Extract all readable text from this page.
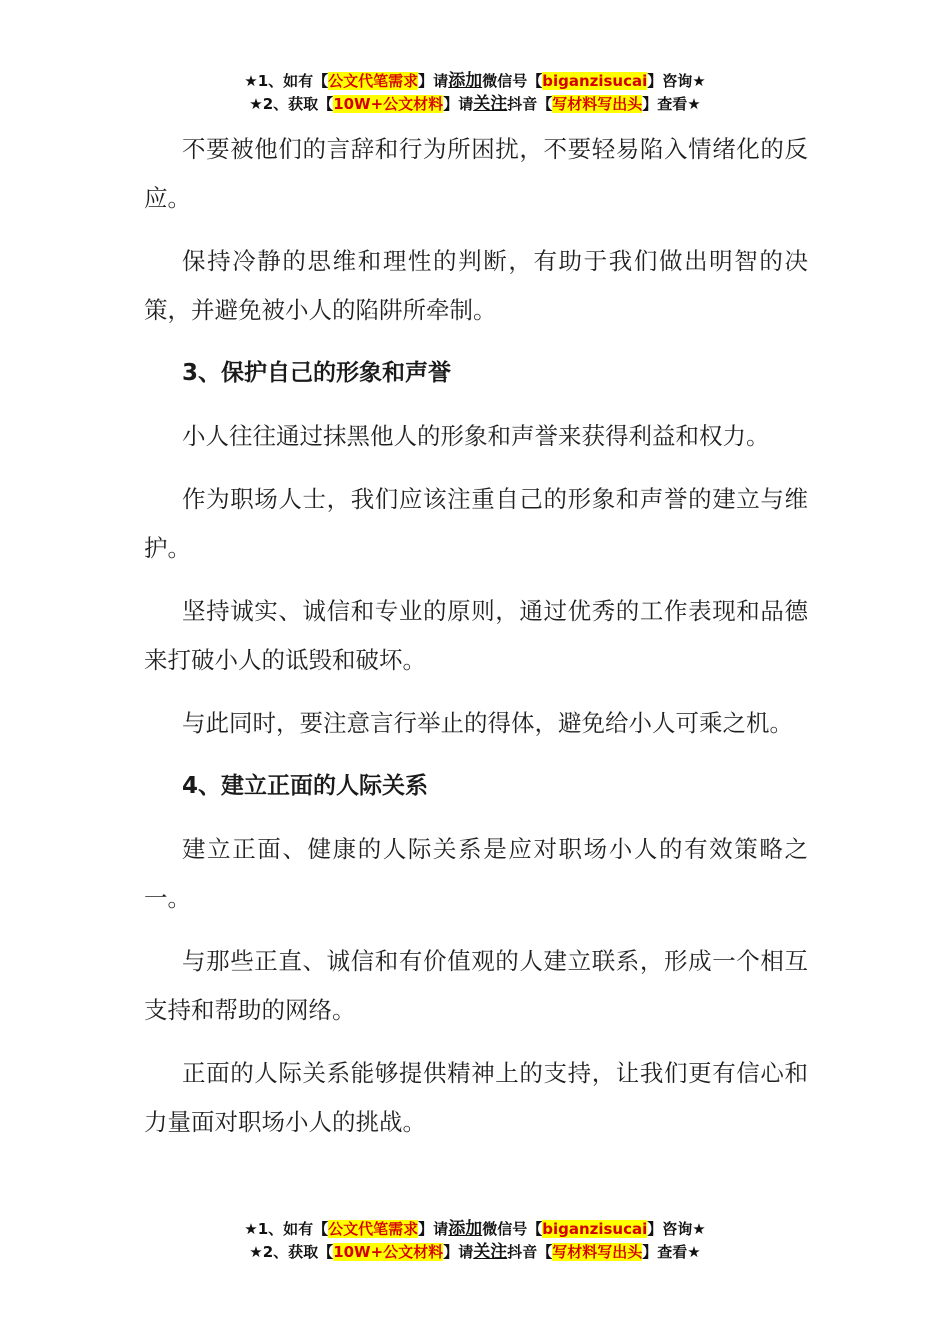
★1、如有【公文代笔需求】请添加微信号【biganzisucai】咨询★
★2、获取【10W+公文材料】请关注抖音【写材料写出头】查看★

不要被他们的言辞和行为所困扰，不要轻易陷入情绪化的反应。

保持冷静的思维和理性的判断，有助于我们做出明智的决策，并避免被小人的陷阱所牵制。

3、保护自己的形象和声誉

小人往往通过抹黑他人的形象和声誉来获得利益和权力。

作为职场人士，我们应该注重自己的形象和声誉的建立与维护。

坚持诚实、诚信和专业的原则，通过优秀的工作表现和品德来打破小人的诋毁和破坏。

与此同时，要注意言行举止的得体，避免给小人可乘之机。

4、建立正面的人际关系

建立正面、健康的人际关系是应对职场小人的有效策略之一。

与那些正直、诚信和有价值观的人建立联系，形成一个相互支持和帮助的网络。

正面的人际关系能够提供精神上的支持，让我们更有信心和力量面对职场小人的挑战。

★1、如有【公文代笔需求】请添加微信号【biganzisucai】咨询★
★2、获取【10W+公文材料】请关注抖音【写材料写出头】查看★
